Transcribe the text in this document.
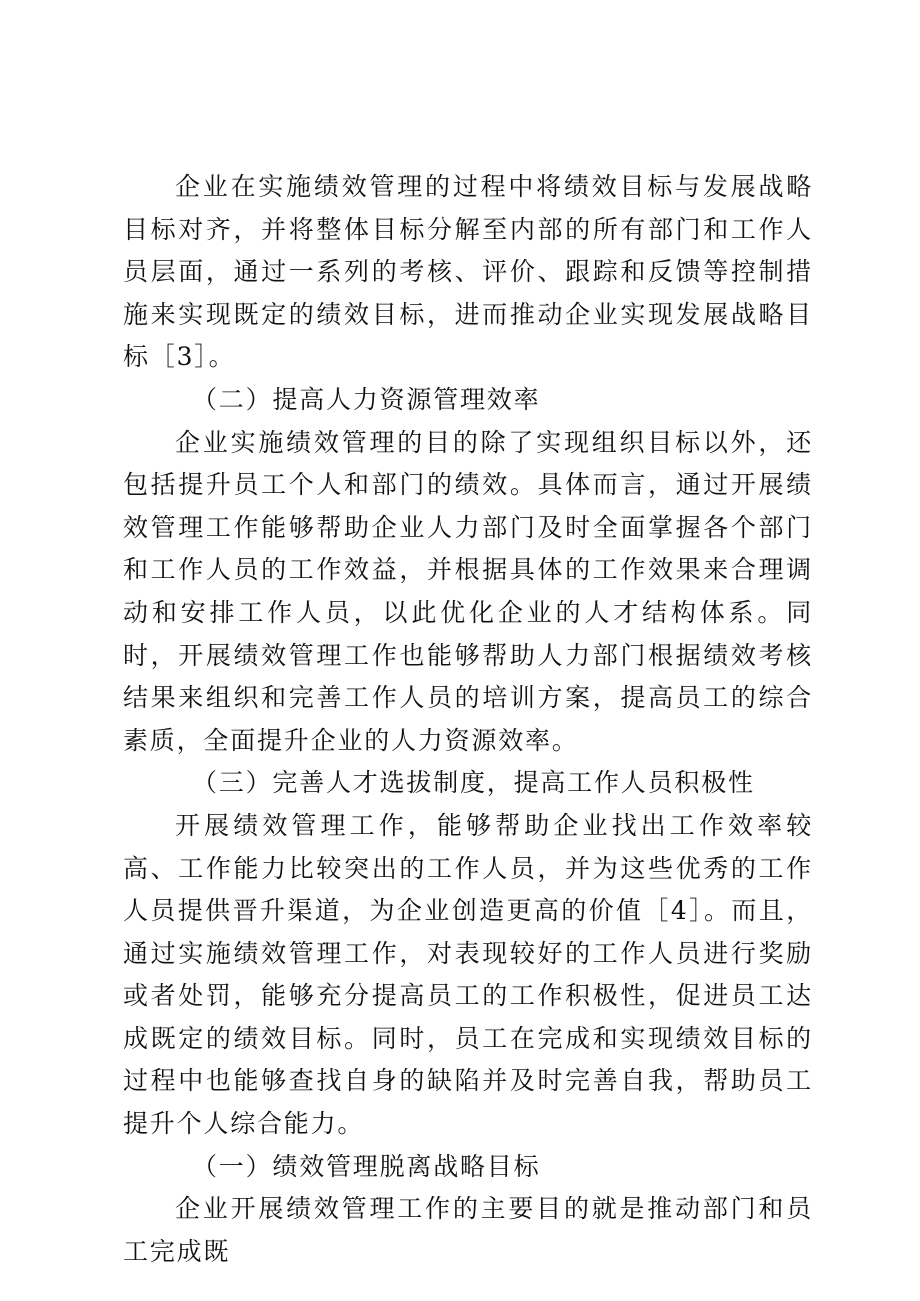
企业在实施绩效管理的过程中将绩效目标与发展战略目标对齐，并将整体目标分解至内部的所有部门和工作人员层面，通过一系列的考核、评价、跟踪和反馈等控制措施来实现既定的绩效目标，进而推动企业实现发展战略目标［3］。

（二）提高人力资源管理效率

企业实施绩效管理的目的除了实现组织目标以外，还包括提升员工个人和部门的绩效。具体而言，通过开展绩效管理工作能够帮助企业人力部门及时全面掌握各个部门和工作人员的工作效益，并根据具体的工作效果来合理调动和安排工作人员，以此优化企业的人才结构体系。同时，开展绩效管理工作也能够帮助人力部门根据绩效考核结果来组织和完善工作人员的培训方案，提高员工的综合素质，全面提升企业的人力资源效率。

（三）完善人才选拔制度，提高工作人员积极性

开展绩效管理工作，能够帮助企业找出工作效率较高、工作能力比较突出的工作人员，并为这些优秀的工作人员提供晋升渠道，为企业创造更高的价值［4］。而且，通过实施绩效管理工作，对表现较好的工作人员进行奖励或者处罚，能够充分提高员工的工作积极性，促进员工达成既定的绩效目标。同时，员工在完成和实现绩效目标的过程中也能够查找自身的缺陷并及时完善自我，帮助员工提升个人综合能力。

（一）绩效管理脱离战略目标

企业开展绩效管理工作的主要目的就是推动部门和员工完成既
